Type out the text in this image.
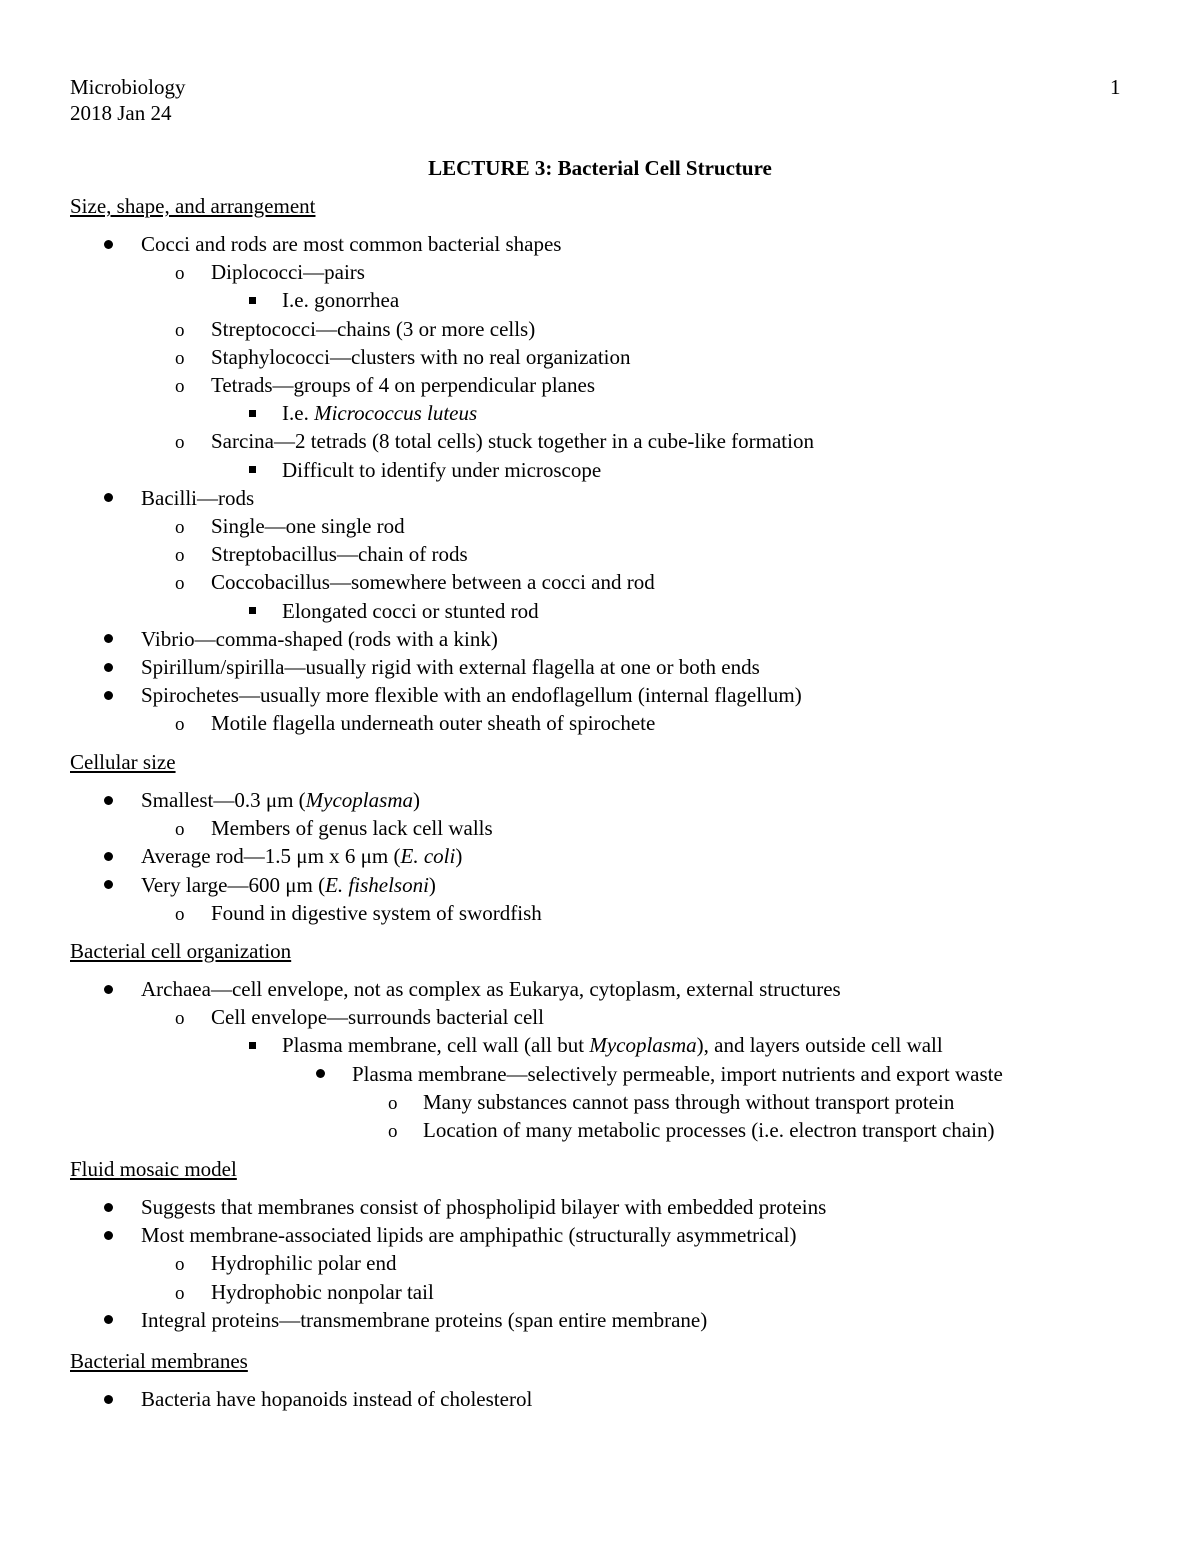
Microbiology
2018 Jan 24
1
LECTURE 3: Bacterial Cell Structure
Size, shape, and arrangement
Cocci and rods are most common bacterial shapes
o Diplococci—pairs
I.e. gonorrhea
o Streptococci—chains (3 or more cells)
o Staphylococci—clusters with no real organization
o Tetrads—groups of 4 on perpendicular planes
I.e. Micrococcus luteus
o Sarcina—2 tetrads (8 total cells) stuck together in a cube-like formation
Difficult to identify under microscope
Bacilli—rods
o Single—one single rod
o Streptobacillus—chain of rods
o Coccobacillus—somewhere between a cocci and rod
Elongated cocci or stunted rod
Vibrio—comma-shaped (rods with a kink)
Spirillum/spirilla—usually rigid with external flagella at one or both ends
Spirochetes—usually more flexible with an endoflagellum (internal flagellum)
o Motile flagella underneath outer sheath of spirochete
Cellular size
Smallest—0.3 μm (Mycoplasma)
o Members of genus lack cell walls
Average rod—1.5 μm x 6 μm (E. coli)
Very large—600 μm (E. fishelsoni)
o Found in digestive system of swordfish
Bacterial cell organization
Archaea—cell envelope, not as complex as Eukarya, cytoplasm, external structures
o Cell envelope—surrounds bacterial cell
Plasma membrane, cell wall (all but Mycoplasma), and layers outside cell wall
Plasma membrane—selectively permeable, import nutrients and export waste
o Many substances cannot pass through without transport protein
o Location of many metabolic processes (i.e. electron transport chain)
Fluid mosaic model
Suggests that membranes consist of phospholipid bilayer with embedded proteins
Most membrane-associated lipids are amphipathic (structurally asymmetrical)
o Hydrophilic polar end
o Hydrophobic nonpolar tail
Integral proteins—transmembrane proteins (span entire membrane)
Bacterial membranes
Bacteria have hopanoids instead of cholesterol
